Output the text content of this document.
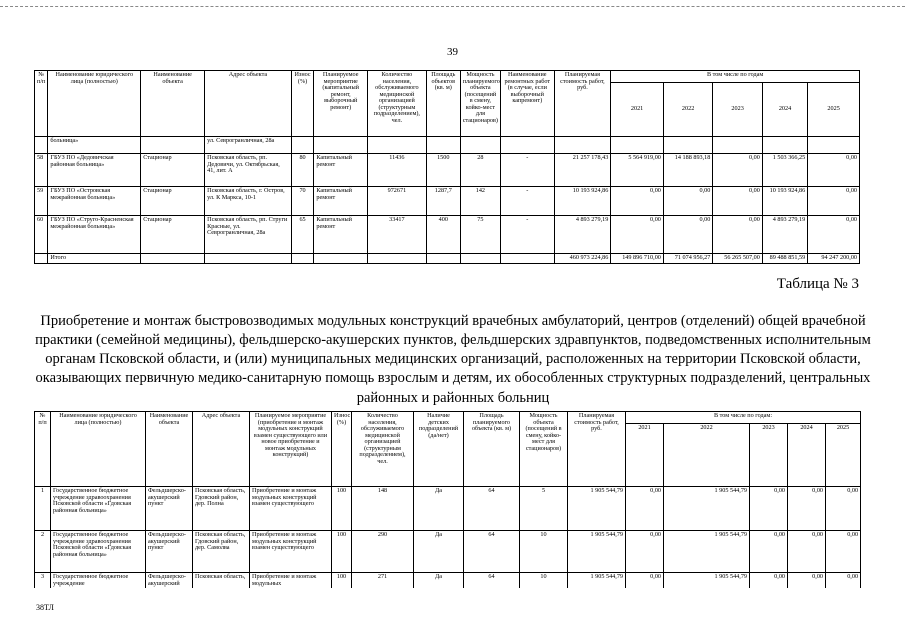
39
№ п/п	Наименование юридического лица (полностью)	Наименование объекта	Адрес объекта	Износ (%)	Планируемое мероприятие (капитальный ремонт, выборочный ремонт)	Количество населения, обслуживаемого медицинской организацией (структурным подразделением), чел.	Площадь объектов (кв. м)	Мощность планируемого объекта (посещений в смену, койко-мест для стационаров)	Наименование ремонтных работ (в случае, если выборочный капремонт)	Планируемая стоимость работ, руб.	В том числе по годам				
											2021	2022	2023	2024	2025
	больница»		ул. Севрогранличная, 28а												
58	ГБУЗ ПО «Дедовичская районная больница»	Стационар	Псковская область, рп. Дедовичи, ул. Октябрьская, 41, лит. А	80	Капитальный ремонт	11436	1500	28	-	21 257 178,43	5 564 919,00	14 188 893,18	0,00	1 503 366,25	0,00
59	ГБУЗ ПО «Островская межрайонная больница»	Стационар	Псковская область, г. Остров, ул. К Маркса, 10-1	70	Капитальный ремонт	972671	1287,7	142	-	10 193 924,86	0,00	0,00	0,00	10 193 924,86	0,00
60	ГБУЗ ПО «Струго-Красненская межрайонная больница»	Стационар	Псковская область, рп. Струги Красные, ул. Севрогранличная, 28а	65	Капитальный ремонт	33417	400	75	-	4 893 279,19	0,00	0,00	0,00	4 893 279,19	0,00
	Итого									460 973 224,86	149 896 710,00	71 074 956,27	56 265 507,00	89 488 851,59	94 247 200,00
Таблица № 3
Приобретение и монтаж быстровозводимых модульных конструкций врачебных амбулаторий, центров (отделений) общей врачебной практики (семейной медицины), фельдшерско-акушерских пунктов, фельдшерских здравпунктов, подведомственных исполнительным органам Псковской области, и (или) муниципальных медицинских организаций, расположенных на территории Псковской области, оказывающих первичную медико-санитарную помощь взрослым и детям, их обособленных структурных подразделений, центральных районных и районных больниц
№ п/п	Наименование юридического лица (полностью)	Наименование объекта	Адрес объекта	Планируемое мероприятие (приобретение и монтаж модульных конструкций взамен существующего или новое приобретение и монтаж модульных конструкций)	Износ (%)	Количество населения, обслуживаемого медицинской организацией (структурным подразделением), чел.	Наличие детских подразделений (да/нет)	Площадь планируемого объекта (кв. м)	Мощность объекта (посещений в смену, койко-мест для стационаров)	Планируемая стоимость работ, руб.	В том числе по годам:				
											2021	2022	2023	2024	2025
1	Государственное бюджетное учреждение здравоохранения Псковской области «Гдовская районная больница»	Фельдшерско-акушерский пункт	Псковская область, Гдовский район, дер. Полна	Приобретение и монтаж модульных конструкций взамен существующего	100	148	Да	64	5	1 905 544,79	0,00	1 905 544,79	0,00	0,00	0,00
2	Государственное бюджетное учреждение здравоохранения Псковской области «Гдовская районная больница»	Фельдшерско-акушерский пункт	Псковская область, Гдовский район, дер. Самолва	Приобретение и монтаж модульных конструкций взамен существующего	100	290	Да	64	10	1 905 544,79	0,00	1 905 544,79	0,00	0,00	0,00
3	Государственное бюджетное учреждение	Фельдшерско-акушерский	Псковская область,	Приобретение и монтаж модульных	100	271	Да	64	10	1 905 544,79	0,00	1 905 544,79	0,00	0,00	0,00
38ТЛ
